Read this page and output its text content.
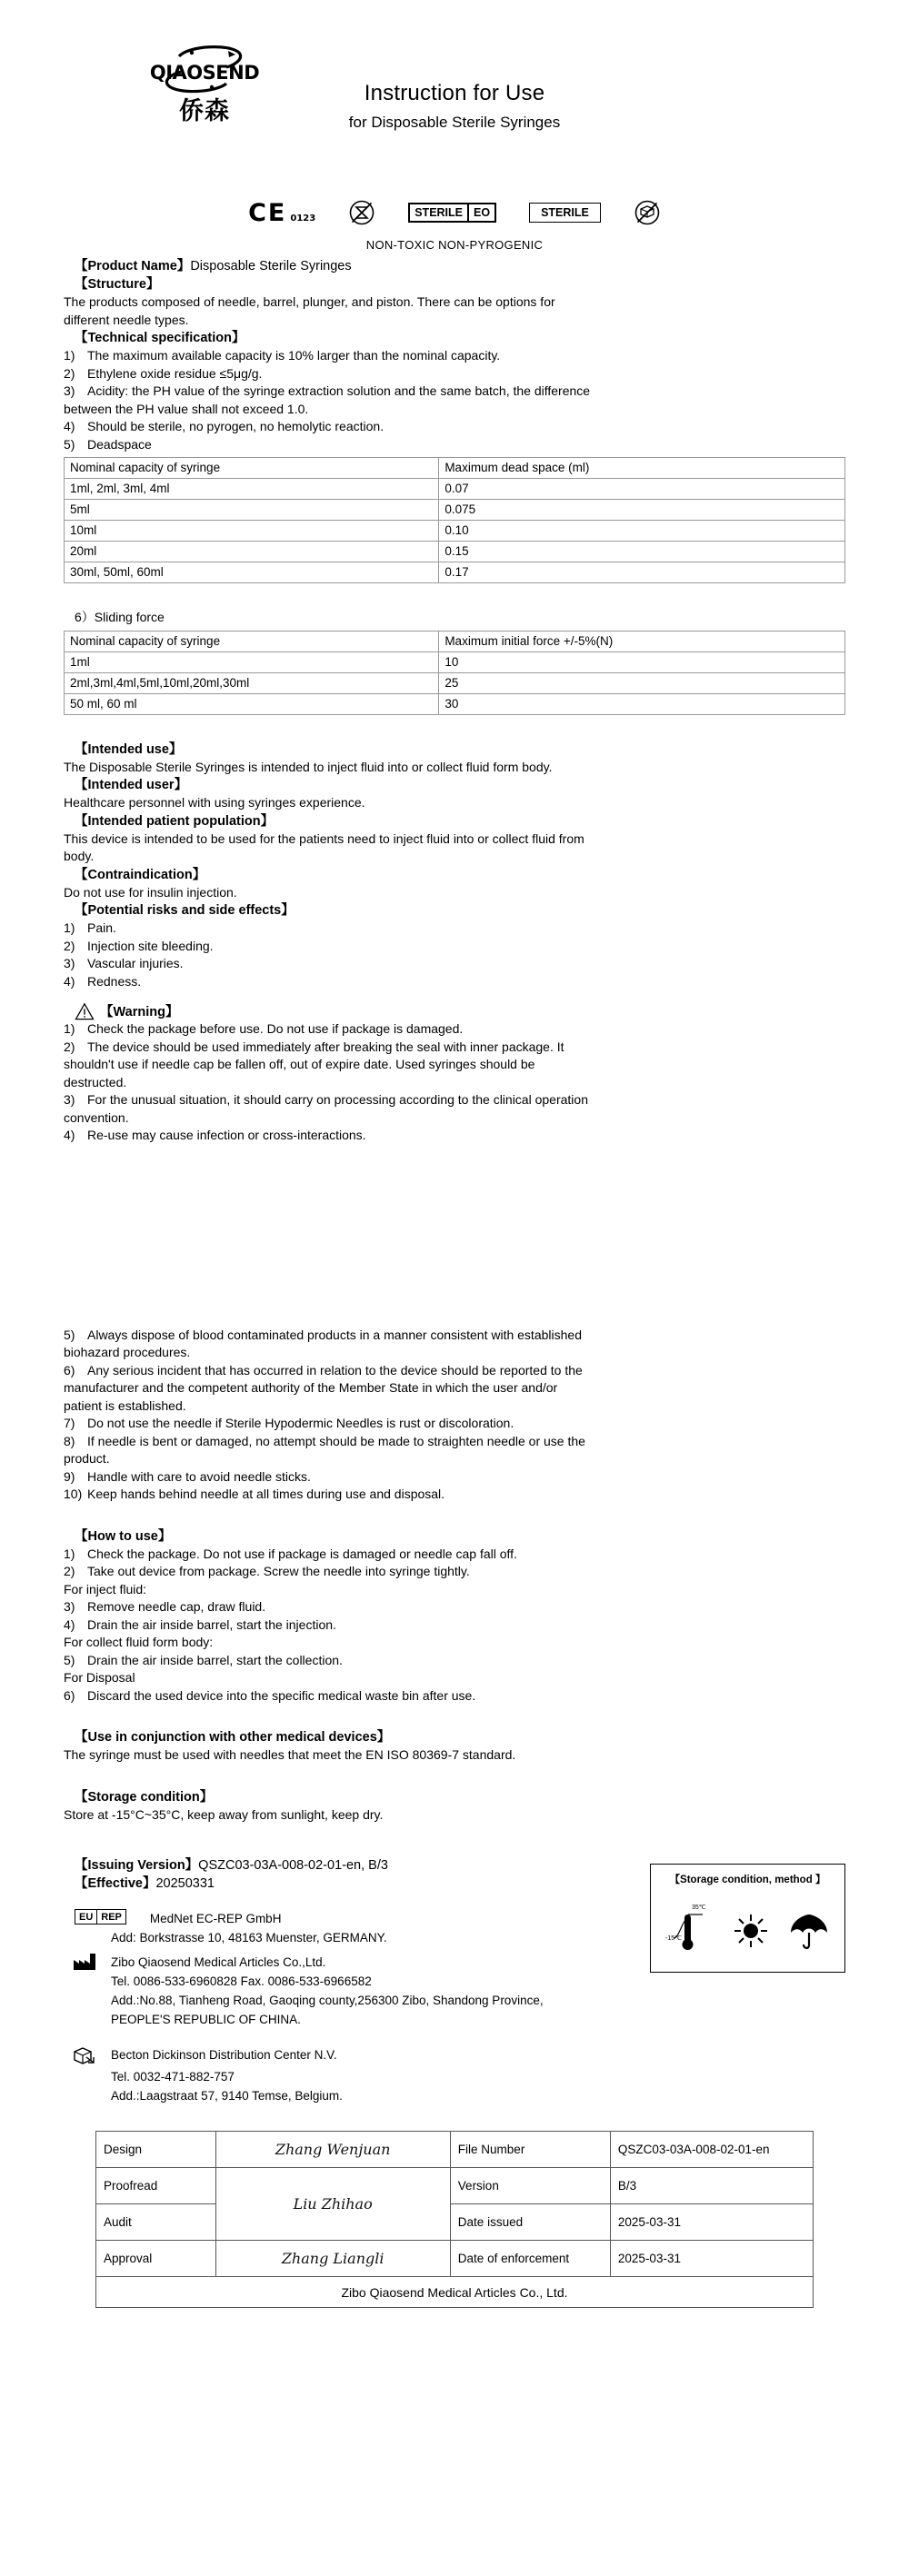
QIAOSEND
侨森
Instruction for Use
for Disposable Sterile Syringes
CE 0123	STERILE EO	STERILE
NON-TOXIC NON-PYROGENIC
【Product Name】Disposable Sterile Syringes
【Structure】
The products composed of needle, barrel, plunger, and piston. There can be options for
different needle types.
【Technical specification】
1) The maximum available capacity is 10% larger than the nominal capacity.
2) Ethylene oxide residue ≤5μg/g.
3) Acidity: the PH value of the syringe extraction solution and the same batch, the difference
between the PH value shall not exceed 1.0.
4) Should be sterile, no pyrogen, no hemolytic reaction.
5) Deadspace
Nominal capacity of syringe	Maximum dead space (ml)
1ml, 2ml, 3ml, 4ml	0.07
5ml	0.075
10ml	0.10
20ml	0.15
30ml, 50ml, 60ml	0.17
6）Sliding force
Nominal capacity of syringe	Maximum initial force +/-5%(N)
1ml	10
2ml,3ml,4ml,5ml,10ml,20ml,30ml	25
50 ml, 60 ml	30
【Intended use】
The Disposable Sterile Syringes is intended to inject fluid into or collect fluid form body.
【Intended user】
Healthcare personnel with using syringes experience.
【Intended patient population】
This device is intended to be used for the patients need to inject fluid into or collect fluid from
body.
【Contraindication】
Do not use for insulin injection.
【Potential risks and side effects】
1) Pain.
2) Injection site bleeding.
3) Vascular injuries.
4) Redness.
【Warning】
1) Check the package before use. Do not use if package is damaged.
2) The device should be used immediately after breaking the seal with inner package. It
shouldn't use if needle cap be fallen off, out of expire date. Used syringes should be
destructed.
3) For the unusual situation, it should carry on processing according to the clinical operation
convention.
4) Re-use may cause infection or cross-interactions.
5) Always dispose of blood contaminated products in a manner consistent with established
biohazard procedures.
6) Any serious incident that has occurred in relation to the device should be reported to the
manufacturer and the competent authority of the Member State in which the user and/or
patient is established.
7) Do not use the needle if Sterile Hypodermic Needles is rust or discoloration.
8) If needle is bent or damaged, no attempt should be made to straighten needle or use the
product.
9) Handle with care to avoid needle sticks.
10) Keep hands behind needle at all times during use and disposal.
【How to use】
1) Check the package. Do not use if package is damaged or needle cap fall off.
2) Take out device from package. Screw the needle into syringe tightly.
For inject fluid:
3) Remove needle cap, draw fluid.
4) Drain the air inside barrel, start the injection.
For collect fluid form body:
5) Drain the air inside barrel, start the collection.
For Disposal
6) Discard the used device into the specific medical waste bin after use.
【Use in conjunction with other medical devices】
The syringe must be used with needles that meet the EN ISO 80369-7 standard.
【Storage condition】
Store at -15°C~35°C, keep away from sunlight, keep dry.
【Issuing Version】QSZC03-03A-008-02-01-en, B/3
【Effective】20250331
EU REP MedNet EC-REP GmbH
Add: Borkstrasse 10, 48163 Muenster, GERMANY.
Zibo Qiaosend Medical Articles Co.,Ltd.
Tel. 0086-533-6960828 Fax. 0086-533-6966582
Add.:No.88, Tianheng Road, Gaoqing county,256300 Zibo, Shandong Province,
PEOPLE'S REPUBLIC OF CHINA.
Becton Dickinson Distribution Center N.V.
Tel. 0032-471-882-757
Add.:Laagstraat 57, 9140 Temse, Belgium.
【Storage condition, method 】
-15℃
35℃
Design	Zhang Wenjuan	File Number	QSZC03-03A-008-02-01-en
Proofread	Liu Zhihao	Version	B/3
Audit		Date issued	2025-03-31
Approval	Zhang Liangli	Date of enforcement	2025-03-31
Zibo Qiaosend Medical Articles Co., Ltd.			
